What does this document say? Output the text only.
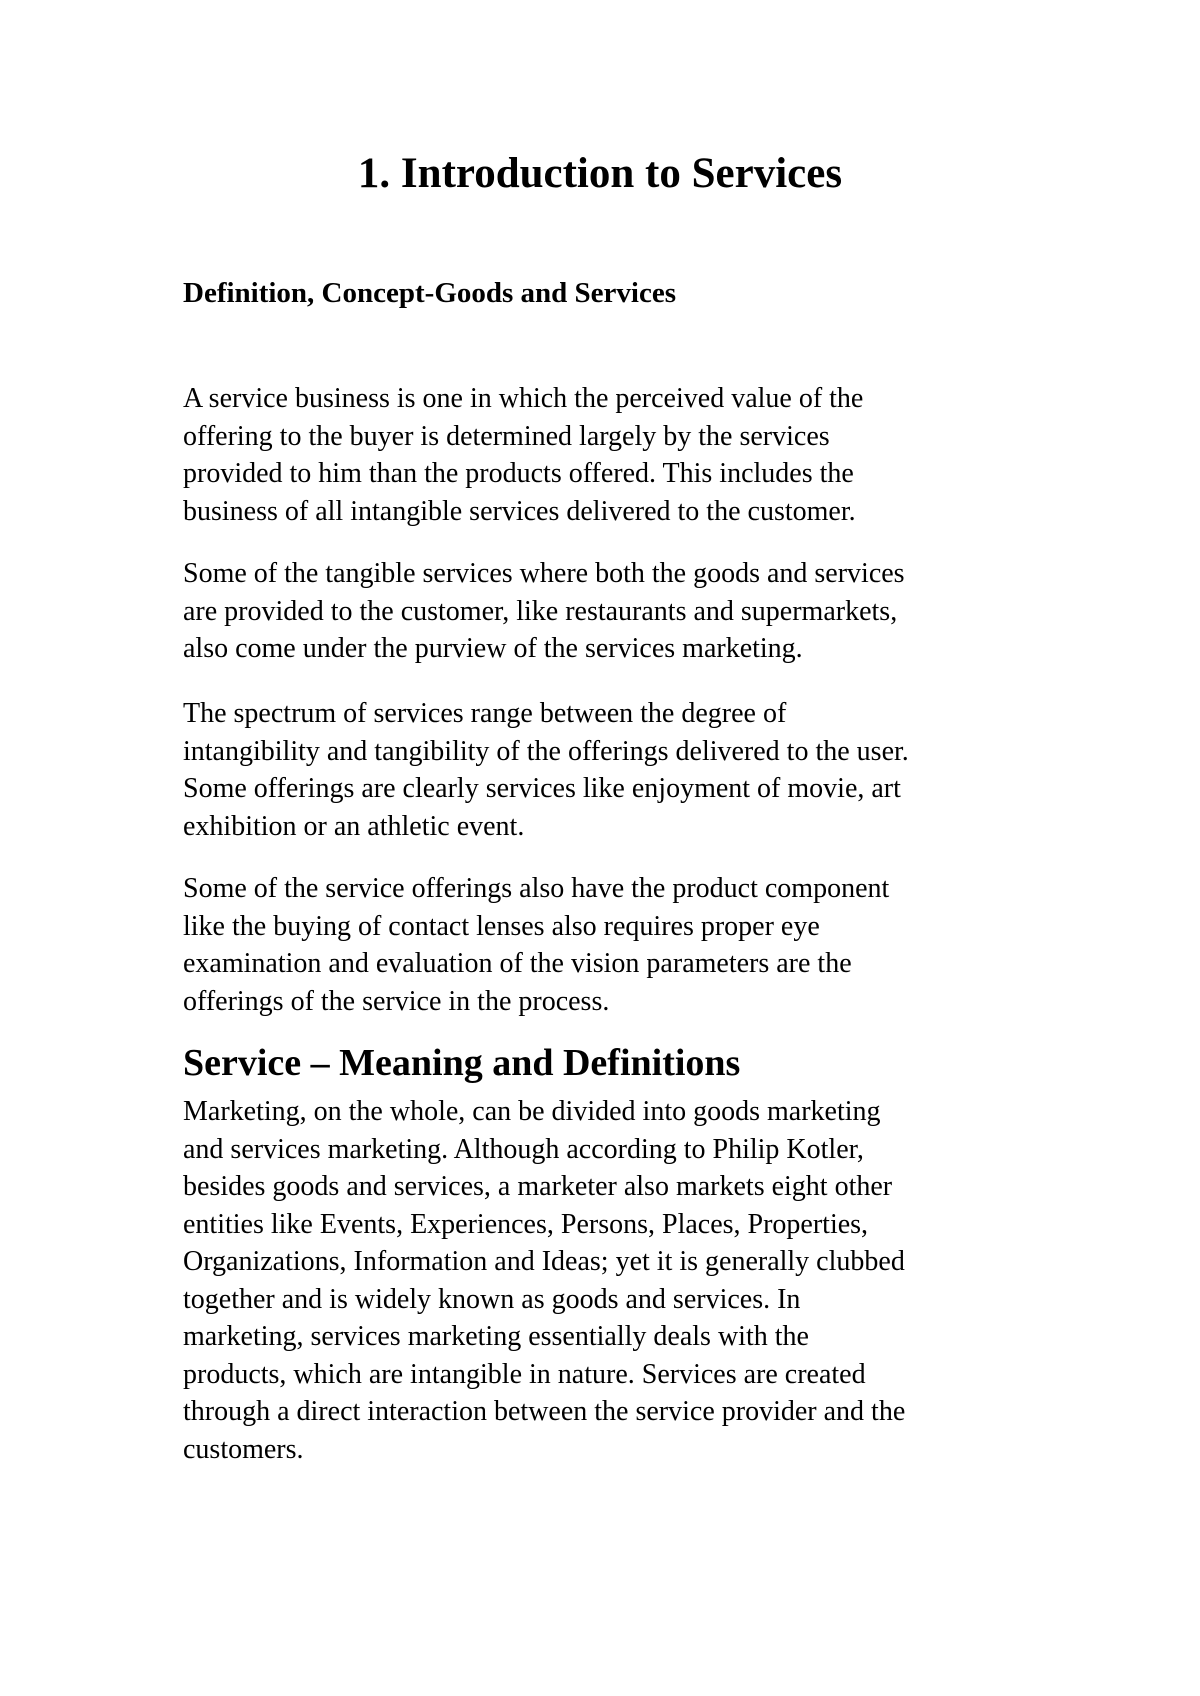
1. Introduction to Services
Definition, Concept-Goods and Services

A service business is one in which the perceived value of the
offering to the buyer is determined largely by the services
provided to him than the products offered. This includes the
business of all intangible services delivered to the customer.

Some of the tangible services where both the goods and services
are provided to the customer, like restaurants and supermarkets,
also come under the purview of the services marketing.

The spectrum of services range between the degree of
intangibility and tangibility of the offerings delivered to the user.
Some offerings are clearly services like enjoyment of movie, art
exhibition or an athletic event.

Some of the service offerings also have the product component
like the buying of contact lenses also requires proper eye
examination and evaluation of the vision parameters are the
offerings of the service in the process.

Service – Meaning and Definitions

Marketing, on the whole, can be divided into goods marketing
and services marketing. Although according to Philip Kotler,
besides goods and services, a marketer also markets eight other
entities like Events, Experiences, Persons, Places, Properties,
Organizations, Information and Ideas; yet it is generally clubbed
together and is widely known as goods and services. In
marketing, services marketing essentially deals with the
products, which are intangible in nature. Services are created
through a direct interaction between the service provider and the
customers.
